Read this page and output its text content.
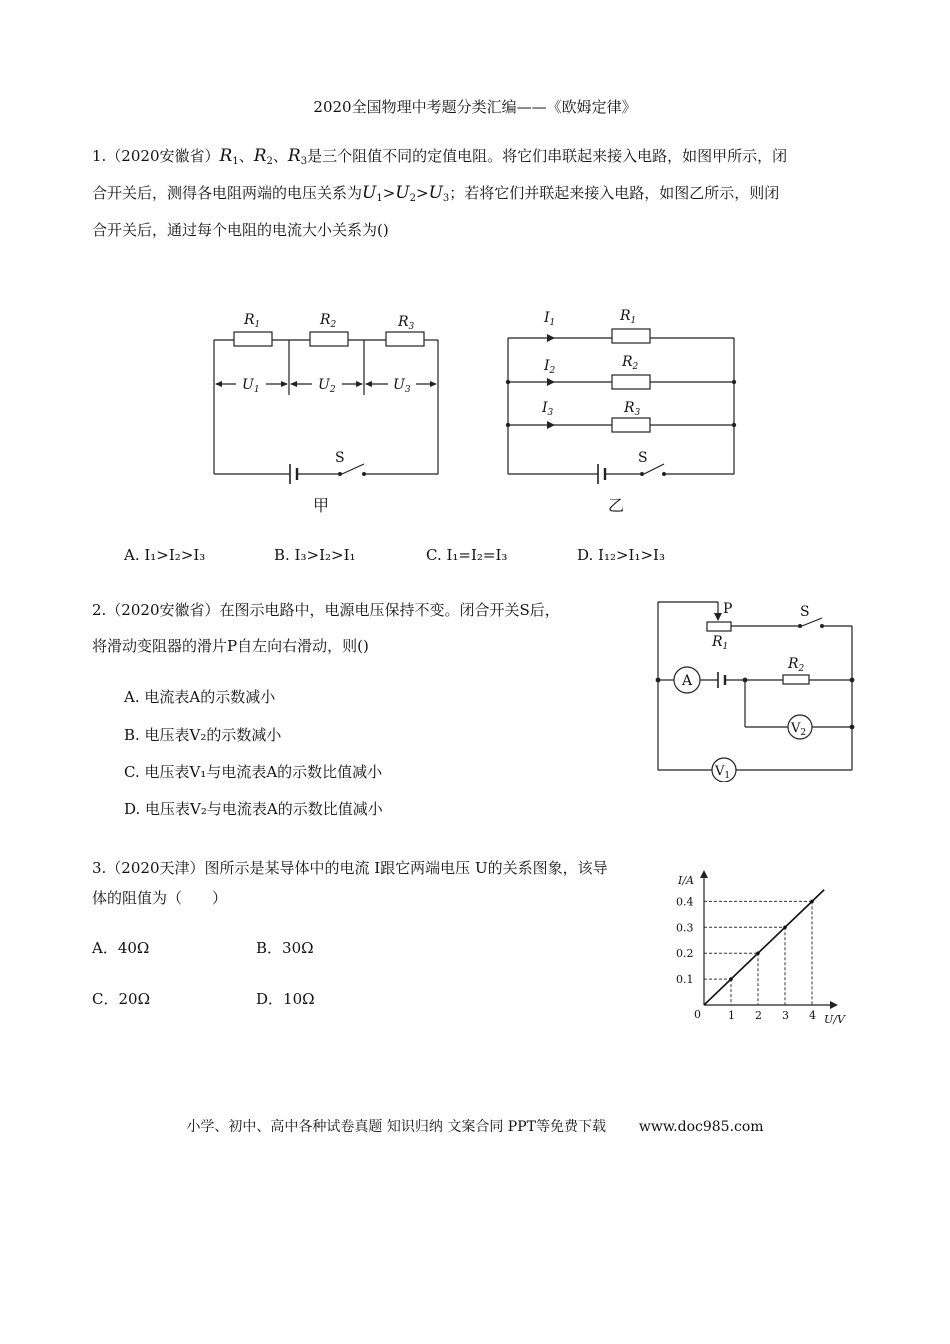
2020全国物理中考题分类汇编——《欧姆定律》
1.（2020安徽省）$R_1$、$R_2$、$R_3$是三个阻值不同的定值电阻。将它们串联起来接入电路，如图甲所示，闭
合开关后，测得各电阻两端的电压关系为$U_1>U_2>U_3$；若将它们并联起来接入电路，如图乙所示，则闭
合开关后，通过每个电阻的电流大小关系为()
$R_1$	$R_2$	$R_3$
$U_1$	$U_2$	$U_3$
S
甲
$I_1$
$I_2$
$I_3$
$R_1$
$R_2$
$R_3$
S
乙
A. I₁>I₂>I₃	B. I₃>I₂>I₁	C. I₁=I₂=I₃	D. I₁₂>I₁>I₃
2.（2020安徽省）在图示电路中，电源电压保持不变。闭合开关S后，
将滑动变阻器的滑片P自左向右滑动，则()
A. 电流表A的示数减小
B. 电压表V₂的示数减小
C. 电压表V₁与电流表A的示数比值减小
D. 电压表V₂与电流表A的示数比值减小
P
$R_1$
S
$R_2$
A
$V_2$
$V_1$
3.（2020天津）图所示是某导体中的电流 I跟它两端电压 U的关系图象，该导
体的阻值为（　　）
A．40Ω	B．30Ω
C．20Ω	D．10Ω
1 2 3 4
0.1
0.2
0.3
0.4
I/A
U/V
0
小学、初中、高中各种试卷真题 知识归纳 文案合同 PPT等免费下载 www.doc985.com
